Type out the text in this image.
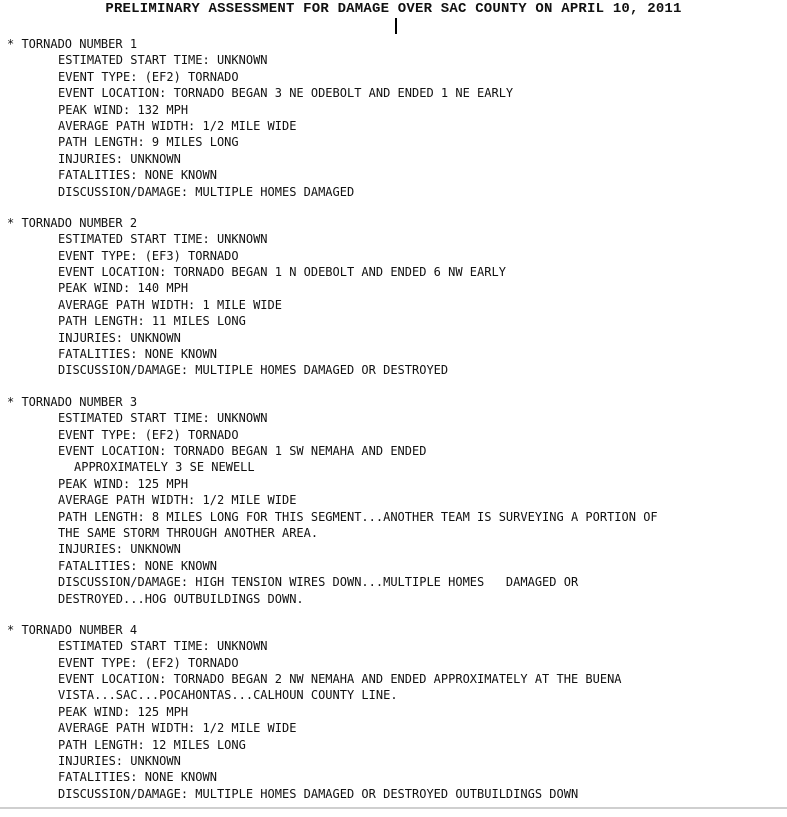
PRELIMINARY ASSESSMENT FOR DAMAGE OVER SAC COUNTY ON APRIL 10, 2011
* TORNADO NUMBER 1
ESTIMATED START TIME: UNKNOWN
EVENT TYPE: (EF2) TORNADO
EVENT LOCATION: TORNADO BEGAN 3 NE ODEBOLT AND ENDED 1 NE EARLY
PEAK WIND: 132 MPH
AVERAGE PATH WIDTH: 1/2 MILE WIDE
PATH LENGTH: 9 MILES LONG
INJURIES: UNKNOWN
FATALITIES: NONE KNOWN
DISCUSSION/DAMAGE: MULTIPLE HOMES DAMAGED
* TORNADO NUMBER 2
ESTIMATED START TIME: UNKNOWN
EVENT TYPE: (EF3) TORNADO
EVENT LOCATION: TORNADO BEGAN 1 N ODEBOLT AND ENDED 6 NW EARLY
PEAK WIND: 140 MPH
AVERAGE PATH WIDTH: 1 MILE WIDE
PATH LENGTH: 11 MILES LONG
INJURIES: UNKNOWN
FATALITIES: NONE KNOWN
DISCUSSION/DAMAGE: MULTIPLE HOMES DAMAGED OR DESTROYED
* TORNADO NUMBER 3
ESTIMATED START TIME: UNKNOWN
EVENT TYPE: (EF2) TORNADO
EVENT LOCATION: TORNADO BEGAN 1 SW NEMAHA AND ENDED
APPROXIMATELY 3 SE NEWELL
PEAK WIND: 125 MPH
AVERAGE PATH WIDTH: 1/2 MILE WIDE
PATH LENGTH: 8 MILES LONG FOR THIS SEGMENT...ANOTHER TEAM IS SURVEYING A PORTION OF
THE SAME STORM THROUGH ANOTHER AREA.
INJURIES: UNKNOWN
FATALITIES: NONE KNOWN
DISCUSSION/DAMAGE: HIGH TENSION WIRES DOWN...MULTIPLE HOMES   DAMAGED OR
DESTROYED...HOG OUTBUILDINGS DOWN.
* TORNADO NUMBER 4
ESTIMATED START TIME: UNKNOWN
EVENT TYPE: (EF2) TORNADO
EVENT LOCATION: TORNADO BEGAN 2 NW NEMAHA AND ENDED APPROXIMATELY AT THE BUENA
VISTA...SAC...POCAHONTAS...CALHOUN COUNTY LINE.
PEAK WIND: 125 MPH
AVERAGE PATH WIDTH: 1/2 MILE WIDE
PATH LENGTH: 12 MILES LONG
INJURIES: UNKNOWN
FATALITIES: NONE KNOWN
DISCUSSION/DAMAGE: MULTIPLE HOMES DAMAGED OR DESTROYED OUTBUILDINGS DOWN
